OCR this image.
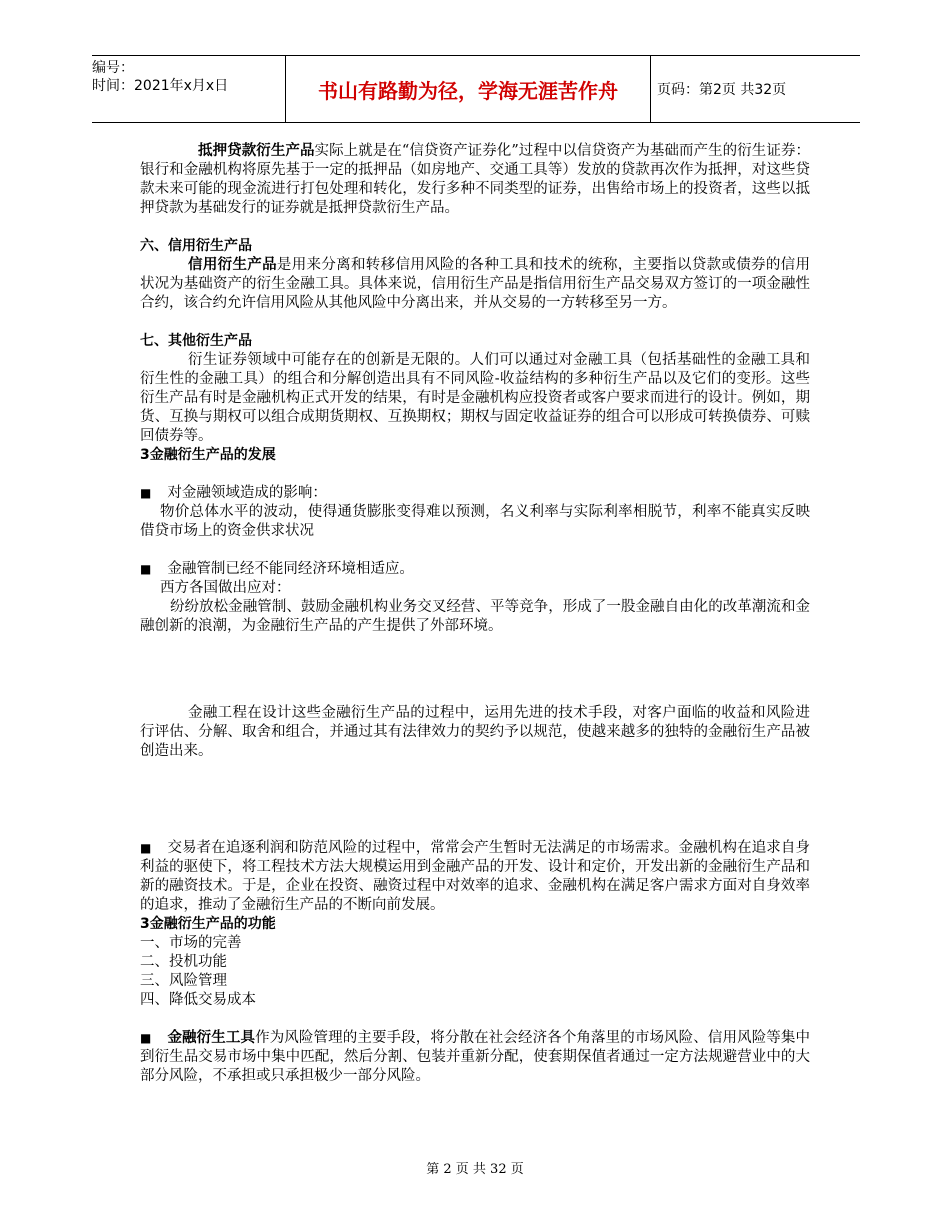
编号：
时间：2021年x月x日	书山有路勤为径，学海无涯苦作舟	页码：第2页 共32页

抵押贷款衍生产品实际上就是在“信贷资产证券化”过程中以信贷资产为基础而产生的衍生证券：银行和金融机构将原先基于一定的抵押品（如房地产、交通工具等）发放的贷款再次作为抵押，对这些贷款未来可能的现金流进行打包处理和转化，发行多种不同类型的证券，出售给市场上的投资者，这些以抵押贷款为基础发行的证券就是抵押贷款衍生产品。

六、信用衍生产品

信用衍生产品是用来分离和转移信用风险的各种工具和技术的统称，主要指以贷款或债券的信用状况为基础资产的衍生金融工具。具体来说，信用衍生产品是指信用衍生产品交易双方签订的一项金融性合约，该合约允许信用风险从其他风险中分离出来，并从交易的一方转移至另一方。

七、其他衍生产品

衍生证券领域中可能存在的创新是无限的。人们可以通过对金融工具（包括基础性的金融工具和衍生性的金融工具）的组合和分解创造出具有不同风险-收益结构的多种衍生产品以及它们的变形。这些衍生产品有时是金融机构正式开发的结果，有时是金融机构应投资者或客户要求而进行的设计。例如，期货、互换与期权可以组合成期货期权、互换期权；期权与固定收益证券的组合可以形成可转换债券、可赎回债券等。

3金融衍生产品的发展

■ 对金融领域造成的影响：

物价总体水平的波动，使得通货膨胀变得难以预测，名义利率与实际利率相脱节，利率不能真实反映借贷市场上的资金供求状况

■ 金融管制已经不能同经济环境相适应。

西方各国做出应对：

纷纷放松金融管制、鼓励金融机构业务交叉经营、平等竞争，形成了一股金融自由化的改革潮流和金融创新的浪潮，为金融衍生产品的产生提供了外部环境。

金融工程在设计这些金融衍生产品的过程中，运用先进的技术手段，对客户面临的收益和风险进行评估、分解、取舍和组合，并通过其有法律效力的契约予以规范，使越来越多的独特的金融衍生产品被创造出来。

■ 交易者在追逐利润和防范风险的过程中，常常会产生暂时无法满足的市场需求。金融机构在追求自身利益的驱使下，将工程技术方法大规模运用到金融产品的开发、设计和定价，开发出新的金融衍生产品和新的融资技术。于是，企业在投资、融资过程中对效率的追求、金融机构在满足客户需求方面对自身效率的追求，推动了金融衍生产品的不断向前发展。

3金融衍生产品的功能

一、市场的完善

二、投机功能

三、风险管理

四、降低交易成本

■ 金融衍生工具作为风险管理的主要手段，将分散在社会经济各个角落里的市场风险、信用风险等集中到衍生品交易市场中集中匹配，然后分割、包装并重新分配，使套期保值者通过一定方法规避营业中的大部分风险，不承担或只承担极少一部分风险。

第 2 页 共 32 页
